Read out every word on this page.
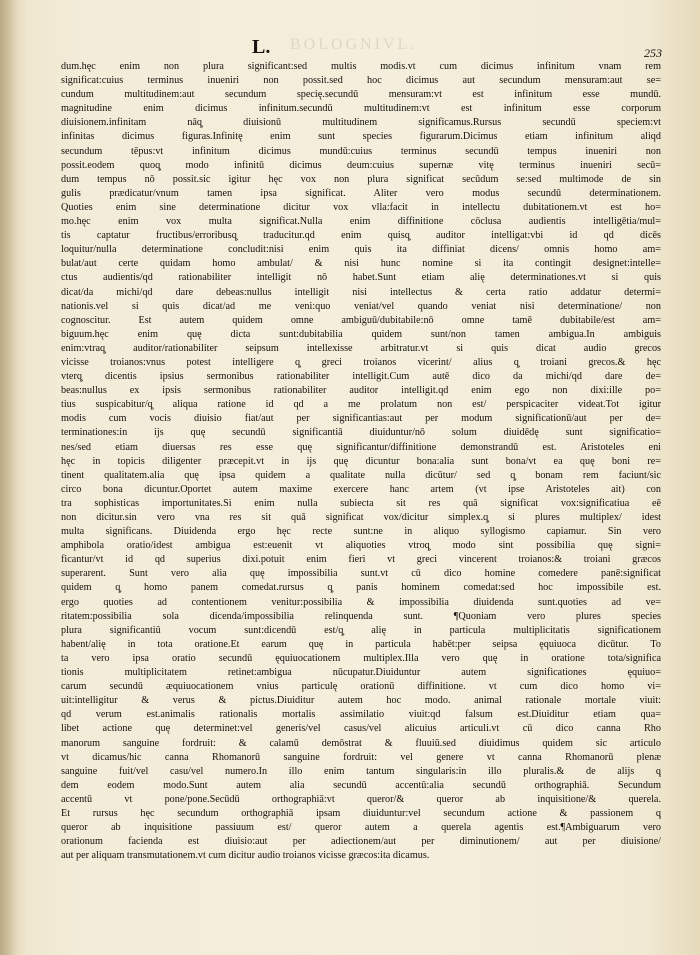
BOLOGNIVL.
L.	253
dum.hęc enim non plura significant:sed multis modis.vt cum dicimus infinitum vnam rem
significat:cuius terminus inueniri non possit.sed hoc dicimus aut secundum mensuram:aut se=
cundum multitudinem:aut secundum specię.secundū mensuram:vt est infinitum esse mundū.
magnitudine enim dicimus infinitum.secundū multitudinem:vt est infinitum esse corporum
diuisionem.infinitam nāq̧ diuisionū multitudinem significamus.Rursus secundū speciem:vt
infinitas dicimus figuras.Infinitę enim sunt species figurarum.Dicimus etiam infinitum aliqd
secundum tēpus:vt infinitum dicimus mundū:cuius terminus secundū tempus inueniri non
possit.eodem quoq̧ modo infinitū dicimus deum:cuius supernæ vitę terminus inueniri secū=
dum tempus nō possit.sic igitur hęc vox non plura significat secūdum se:sed multimode de sin
gulis prædicatur/vnum tamen ipsa significat. Aliter vero modus secundū determinationem.
Quoties enim sine determinatione dicitur vox vlla:facit in intellectu dubitationem.vt est ho=
mo.hęc enim vox multa significat.Nulla enim diffinitione cōclusa audientis intelligētia/mul=
tis captatur fructibus/erroribusq̧ traducitur.qd enim quisq̧ auditor intelligat:vbi id qd dicēs
loquitur/nulla determinatione concludit:nisi enim quis ita diffiniat dicens/ omnis homo am=
bulat/aut certe quidam homo ambulat/ & nisi hunc nomine si ita contingit designet:intelle=
ctus audientis/qd rationabiliter intelligit nō habet.Sunt etiam alię determinationes.vt si quis
dicat/da michi/qd dare debeas:nullus intelligit nisi intellectus & certa ratio addatur determi=
nationis.vel si quis dicat/ad me veni:quo veniat/vel quando veniat nisi determinatione/ non
cognoscitur. Est autem quidem omne ambiguū/dubitabile:nō omne tamē dubitabile/est am=
biguum.hęc enim quę dicta sunt:dubitabilia quidem sunt/non tamen ambigua.In ambiguis
enim:vtraq̧ auditor/rationabiliter seipsum intellexisse arbitratur.vt si quis dicat audio grecos
vicisse troianos:vnus potest intelligere q̧ greci troianos vicerint/ alius q̧ troiani grecos.& hęc
vterq̧ dicentis ipsius sermonibus rationabiliter intelligit.Cum autē dico da michi/qd dare de=
beas:nullus ex ipsis sermonibus rationabiliter auditor intelligit.qd enim ego non dixi:ille po=
tius suspicabitur/q̧ aliqua ratione id qd a me prolatum non est/ perspicaciter videat.Tot igitur
modis cum vocis diuisio fiat/aut per significantias:aut per modum significationū/aut per de=
terminationes:in ijs quę secundū significantiā diuiduntur/nō solum diuidēdę sunt significatio=
nes/sed etiam diuersas res esse quę significantur/diffinitione demonstrandū est. Aristoteles eni
hęc in topicis diligenter præcepit.vt in ijs quę dicuntur bona:alia sunt bona/vt ea quę boni re=
tinent qualitatem.alia quę ipsa quidem a qualitate nulla dicūtur/ sed q̧ bonam rem faciunt/sic
circo bona dicuntur.Oportet autem maxime exercere hanc artem (vt ipse Aristoteles ait) con
tra sophisticas importunitates.Si enim nulla subiecta sit res quā significat vox:significatiua eē
non dicitur.sin vero vna res sit quā significat vox/dicitur simplex.q̧ si plures multiplex/ idest
multa significans. Diuidenda ergo hęc recte sunt:ne in aliquo syllogismo capiamur. Sin vero
amphibola oratio/idest ambigua est:euenit vt aliquoties vtroq̧ modo sint possibilia quę signi=
ficantur/vt id qd superius dixi.potuit enim fieri vt greci vincerent troianos:& troiani græcos
superarent. Sunt vero alia quę impossibilia sunt.vt cū dico homine comedere panē:significat
quidem q̧ homo panem comedat.rursus q̧ panis hominem comedat:sed hoc impossibile est.
ergo quoties ad contentionem venitur:possibilia & impossibilia diuidenda sunt.quoties ad ve=
ritatem:possibilia sola dicenda/impossibilia relinquenda sunt. ¶Quoniam vero plures species
plura significantiū vocum sunt:dicendū est/q̧ alię in particula multiplicitatis significationem
habent/alię in tota oratione.Et earum quę in particula habēt:per seipsa ęquiuoca dicūtur. To
ta vero ipsa oratio secundū ęquiuocationem multiplex.Illa vero quę in oratione tota/significa
tionis multiplicitatem retinet:ambigua nūcupatur.Diuiduntur autem significationes ęquiuo=
carum secundū æquiuocationem vnius particulę orationū diffinitione. vt cum dico homo vi=
uit:intelligitur & verus & pictus.Diuiditur autem hoc modo. animal rationale mortale viuit:
qd verum est.animalis rationalis mortalis assimilatio viuit:qd falsum est.Diuiditur etiam qua=
libet actione quę determinet:vel generis/vel casus/vel alicuius articuli.vt cū dico canna Rho
manorum sanguine fordruit: & calamū demōstrat & fluuiū.sed diuidimus quidem sic articulo
vt dicamus/hic canna Rhomanorū sanguine fordruit: vel genere vt canna Rhomanorū plenæ
sanguine fuit/vel casu/vel numero.In illo enim tantum singularis:in illo pluralis.& de alijs q̧
dem eodem modo.Sunt autem alia secundū accentū:alia secundū orthographiā. Secundum
accentū vt pone/pone.Secūdū orthographiā:vt queror/& queror ab inquisitione/& querela.
Et rursus hęc secundum orthographiā ipsam diuiduntur:vel secundum actione & passionem q̧
queror ab inquisitione passiuum est/ queror autem a querela agentis est.¶Ambiguarum vero
orationum facienda est diuisio:aut per adiectionem/aut per diminutionem/ aut per diuisione/
aut per aliquam transmutationem.vt cum dicitur audio troianos vicisse græcos:ita dicamus.
